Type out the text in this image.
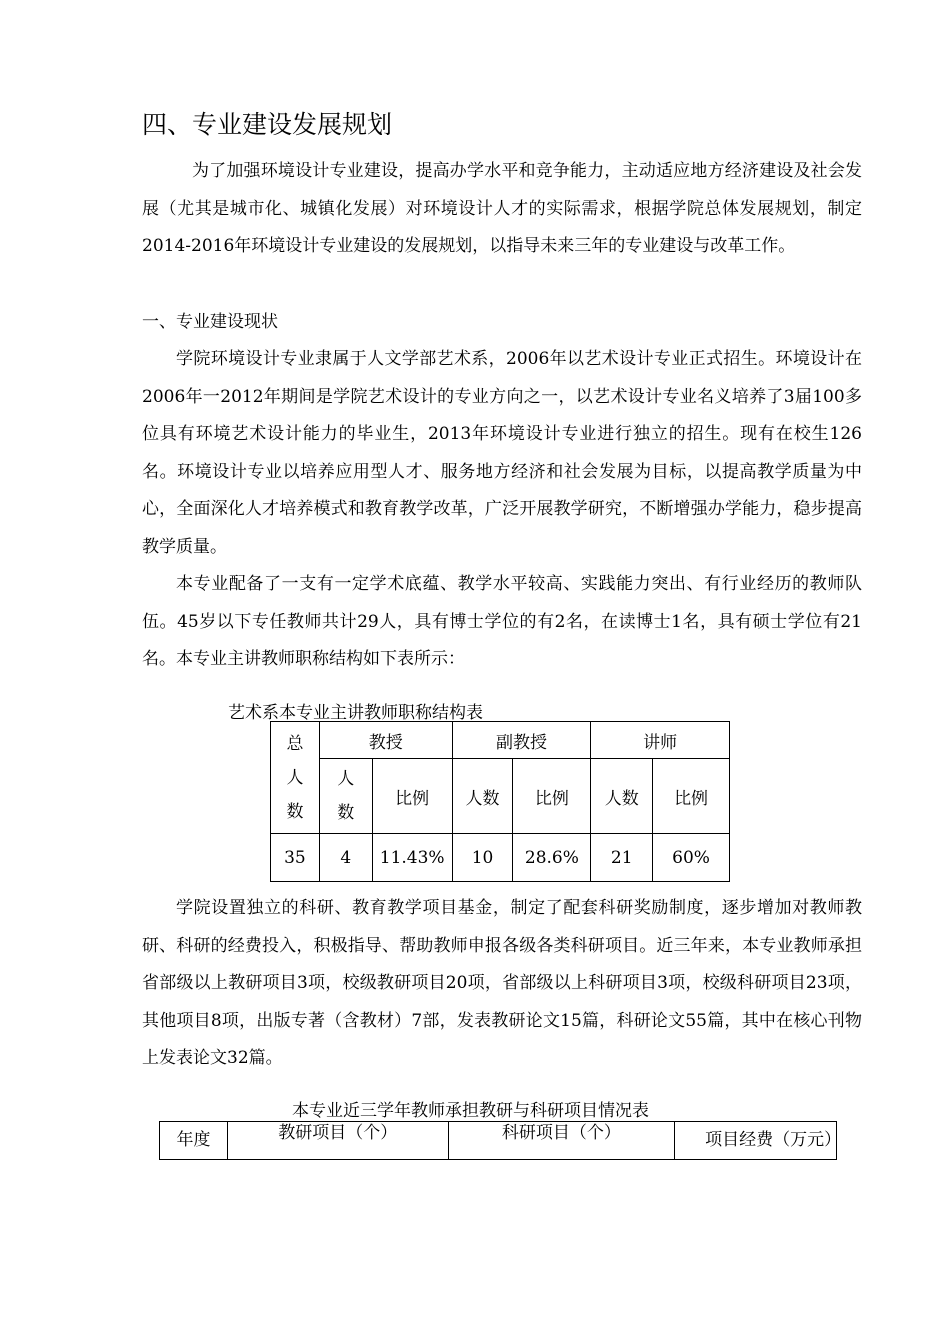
四、专业建设发展规划

为了加强环境设计专业建设，提高办学水平和竞争能力，主动适应地方经济建设及社会发展（尤其是城市化、城镇化发展）对环境设计人才的实际需求，根据学院总体发展规划，制定2014-2016年环境设计专业建设的发展规划，以指导未来三年的专业建设与改革工作。

一、专业建设现状

学院环境设计专业隶属于人文学部艺术系，2006年以艺术设计专业正式招生。环境设计在2006年一2012年期间是学院艺术设计的专业方向之一，以艺术设计专业名义培养了3届100多位具有环境艺术设计能力的毕业生，2013年环境设计专业进行独立的招生。现有在校生126名。环境设计专业以培养应用型人才、服务地方经济和社会发展为目标，以提高教学质量为中心，全面深化人才培养模式和教育教学改革，广泛开展教学研究，不断增强办学能力，稳步提高教学质量。

本专业配备了一支有一定学术底蕴、教学水平较高、实践能力突出、有行业经历的教师队伍。45岁以下专任教师共计29人，具有博士学位的有2名，在读博士1名，具有硕士学位有21名。本专业主讲教师职称结构如下表所示：

艺术系本专业主讲教师职称结构表
总人数	教授		副教授		讲师	
	人数	比例	人数	比例	人数	比例
35	4	11.43%	10	28.6%	21	60%

学院设置独立的科研、教育教学项目基金，制定了配套科研奖励制度，逐步增加对教师教研、科研的经费投入，积极指导、帮助教师申报各级各类科研项目。近三年来，本专业教师承担省部级以上教研项目3项，校级教研项目20项，省部级以上科研项目3项，校级科研项目23项，其他项目8项，出版专著（含教材）7部，发表教研论文15篇，科研论文55篇，其中在核心刊物上发表论文32篇。

本专业近三学年教师承担教研与科研项目情况表
年度	教研项目（个）	科研项目（个）	项目经费（万元）
